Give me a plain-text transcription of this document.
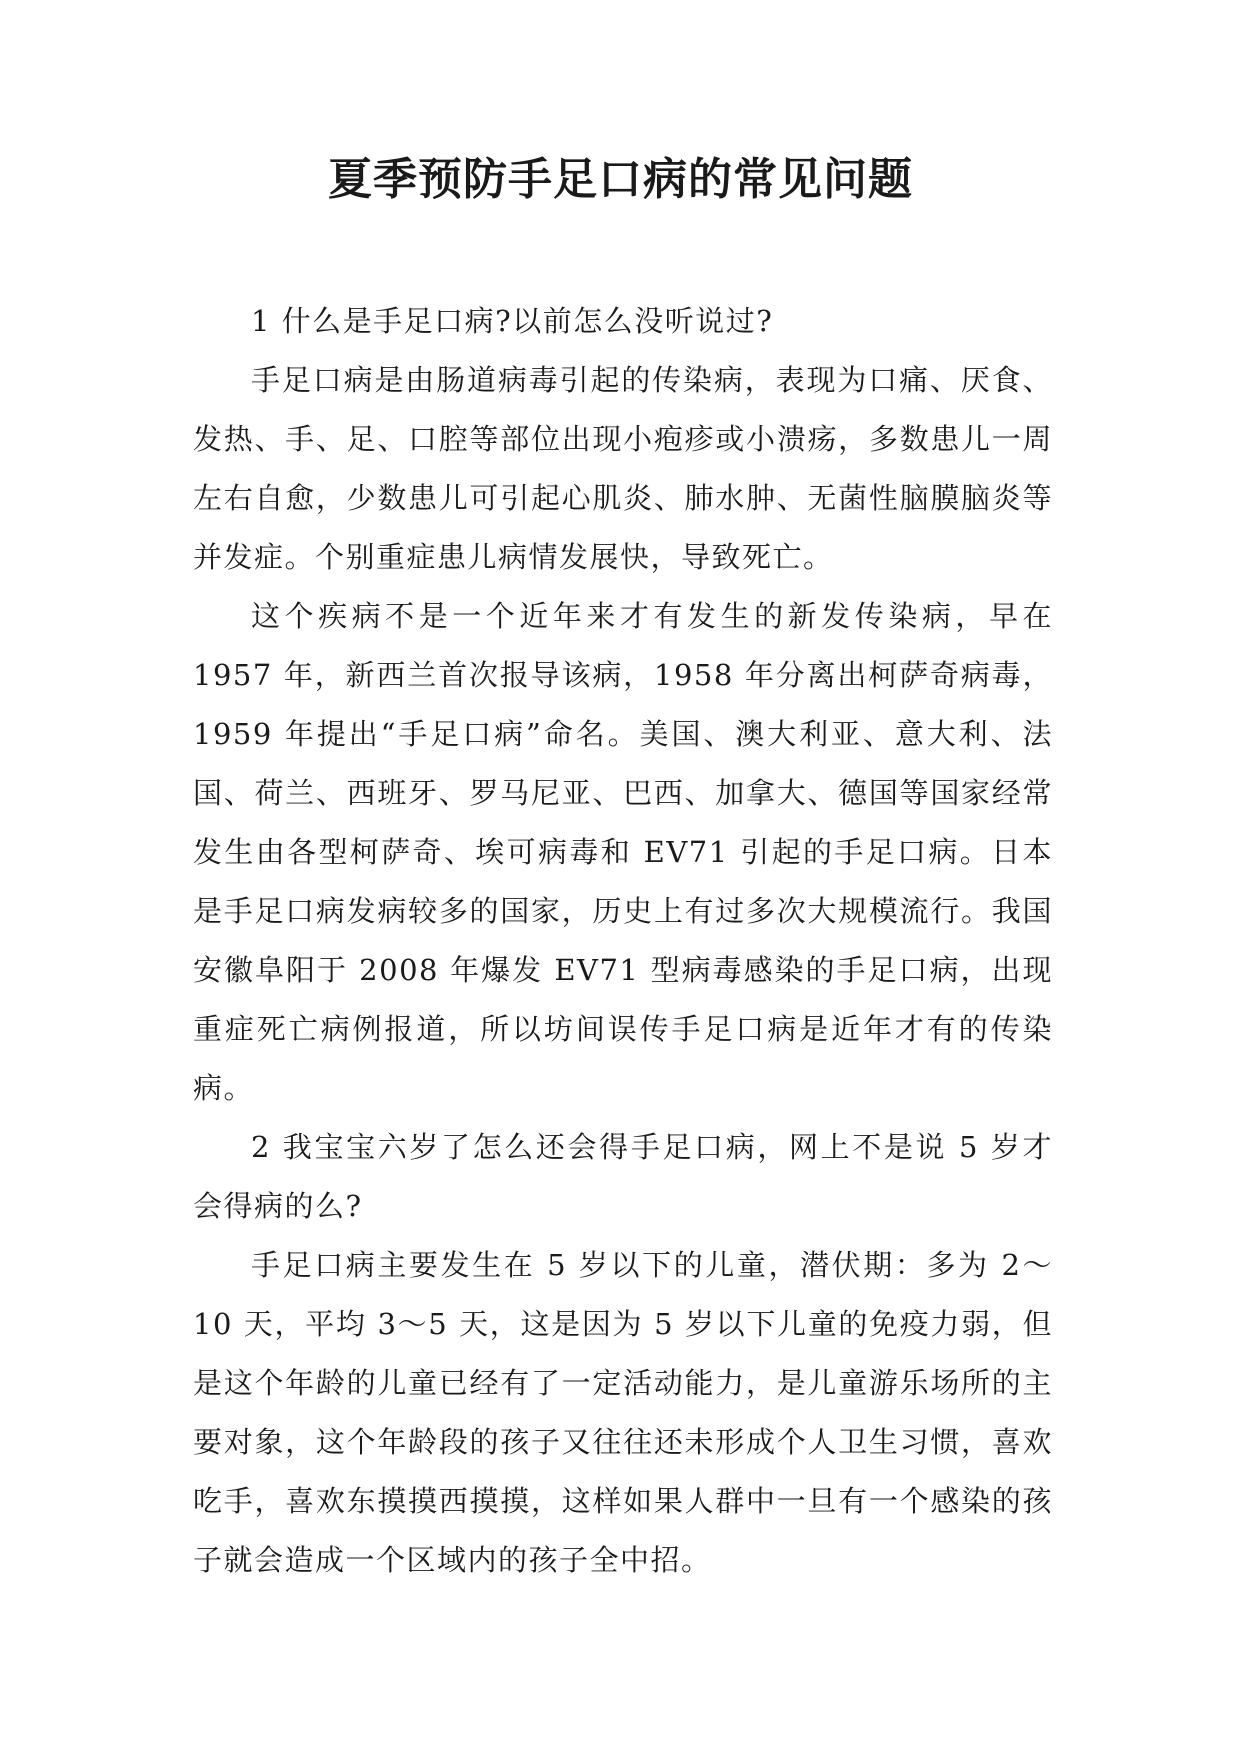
夏季预防手足口病的常见问题

1 什么是手足口病?以前怎么没听说过?

手足口病是由肠道病毒引起的传染病，表现为口痛、厌食、发热、手、足、口腔等部位出现小疱疹或小溃疡，多数患儿一周左右自愈，少数患儿可引起心肌炎、肺水肿、无菌性脑膜脑炎等并发症。个别重症患儿病情发展快，导致死亡。

这个疾病不是一个近年来才有发生的新发传染病，早在 1957 年，新西兰首次报导该病，1958 年分离出柯萨奇病毒，1959 年提出“手足口病”命名。美国、澳大利亚、意大利、法国、荷兰、西班牙、罗马尼亚、巴西、加拿大、德国等国家经常发生由各型柯萨奇、埃可病毒和 EV71 引起的手足口病。日本是手足口病发病较多的国家，历史上有过多次大规模流行。我国安徽阜阳于 2008 年爆发 EV71 型病毒感染的手足口病，出现重症死亡病例报道，所以坊间误传手足口病是近年才有的传染病。

2 我宝宝六岁了怎么还会得手足口病，网上不是说 5 岁才会得病的么?

手足口病主要发生在 5 岁以下的儿童，潜伏期：多为 2～10 天，平均 3～5 天，这是因为 5 岁以下儿童的免疫力弱，但是这个年龄的儿童已经有了一定活动能力，是儿童游乐场所的主要对象，这个年龄段的孩子又往往还未形成个人卫生习惯，喜欢吃手，喜欢东摸摸西摸摸，这样如果人群中一旦有一个感染的孩子就会造成一个区域内的孩子全中招。
